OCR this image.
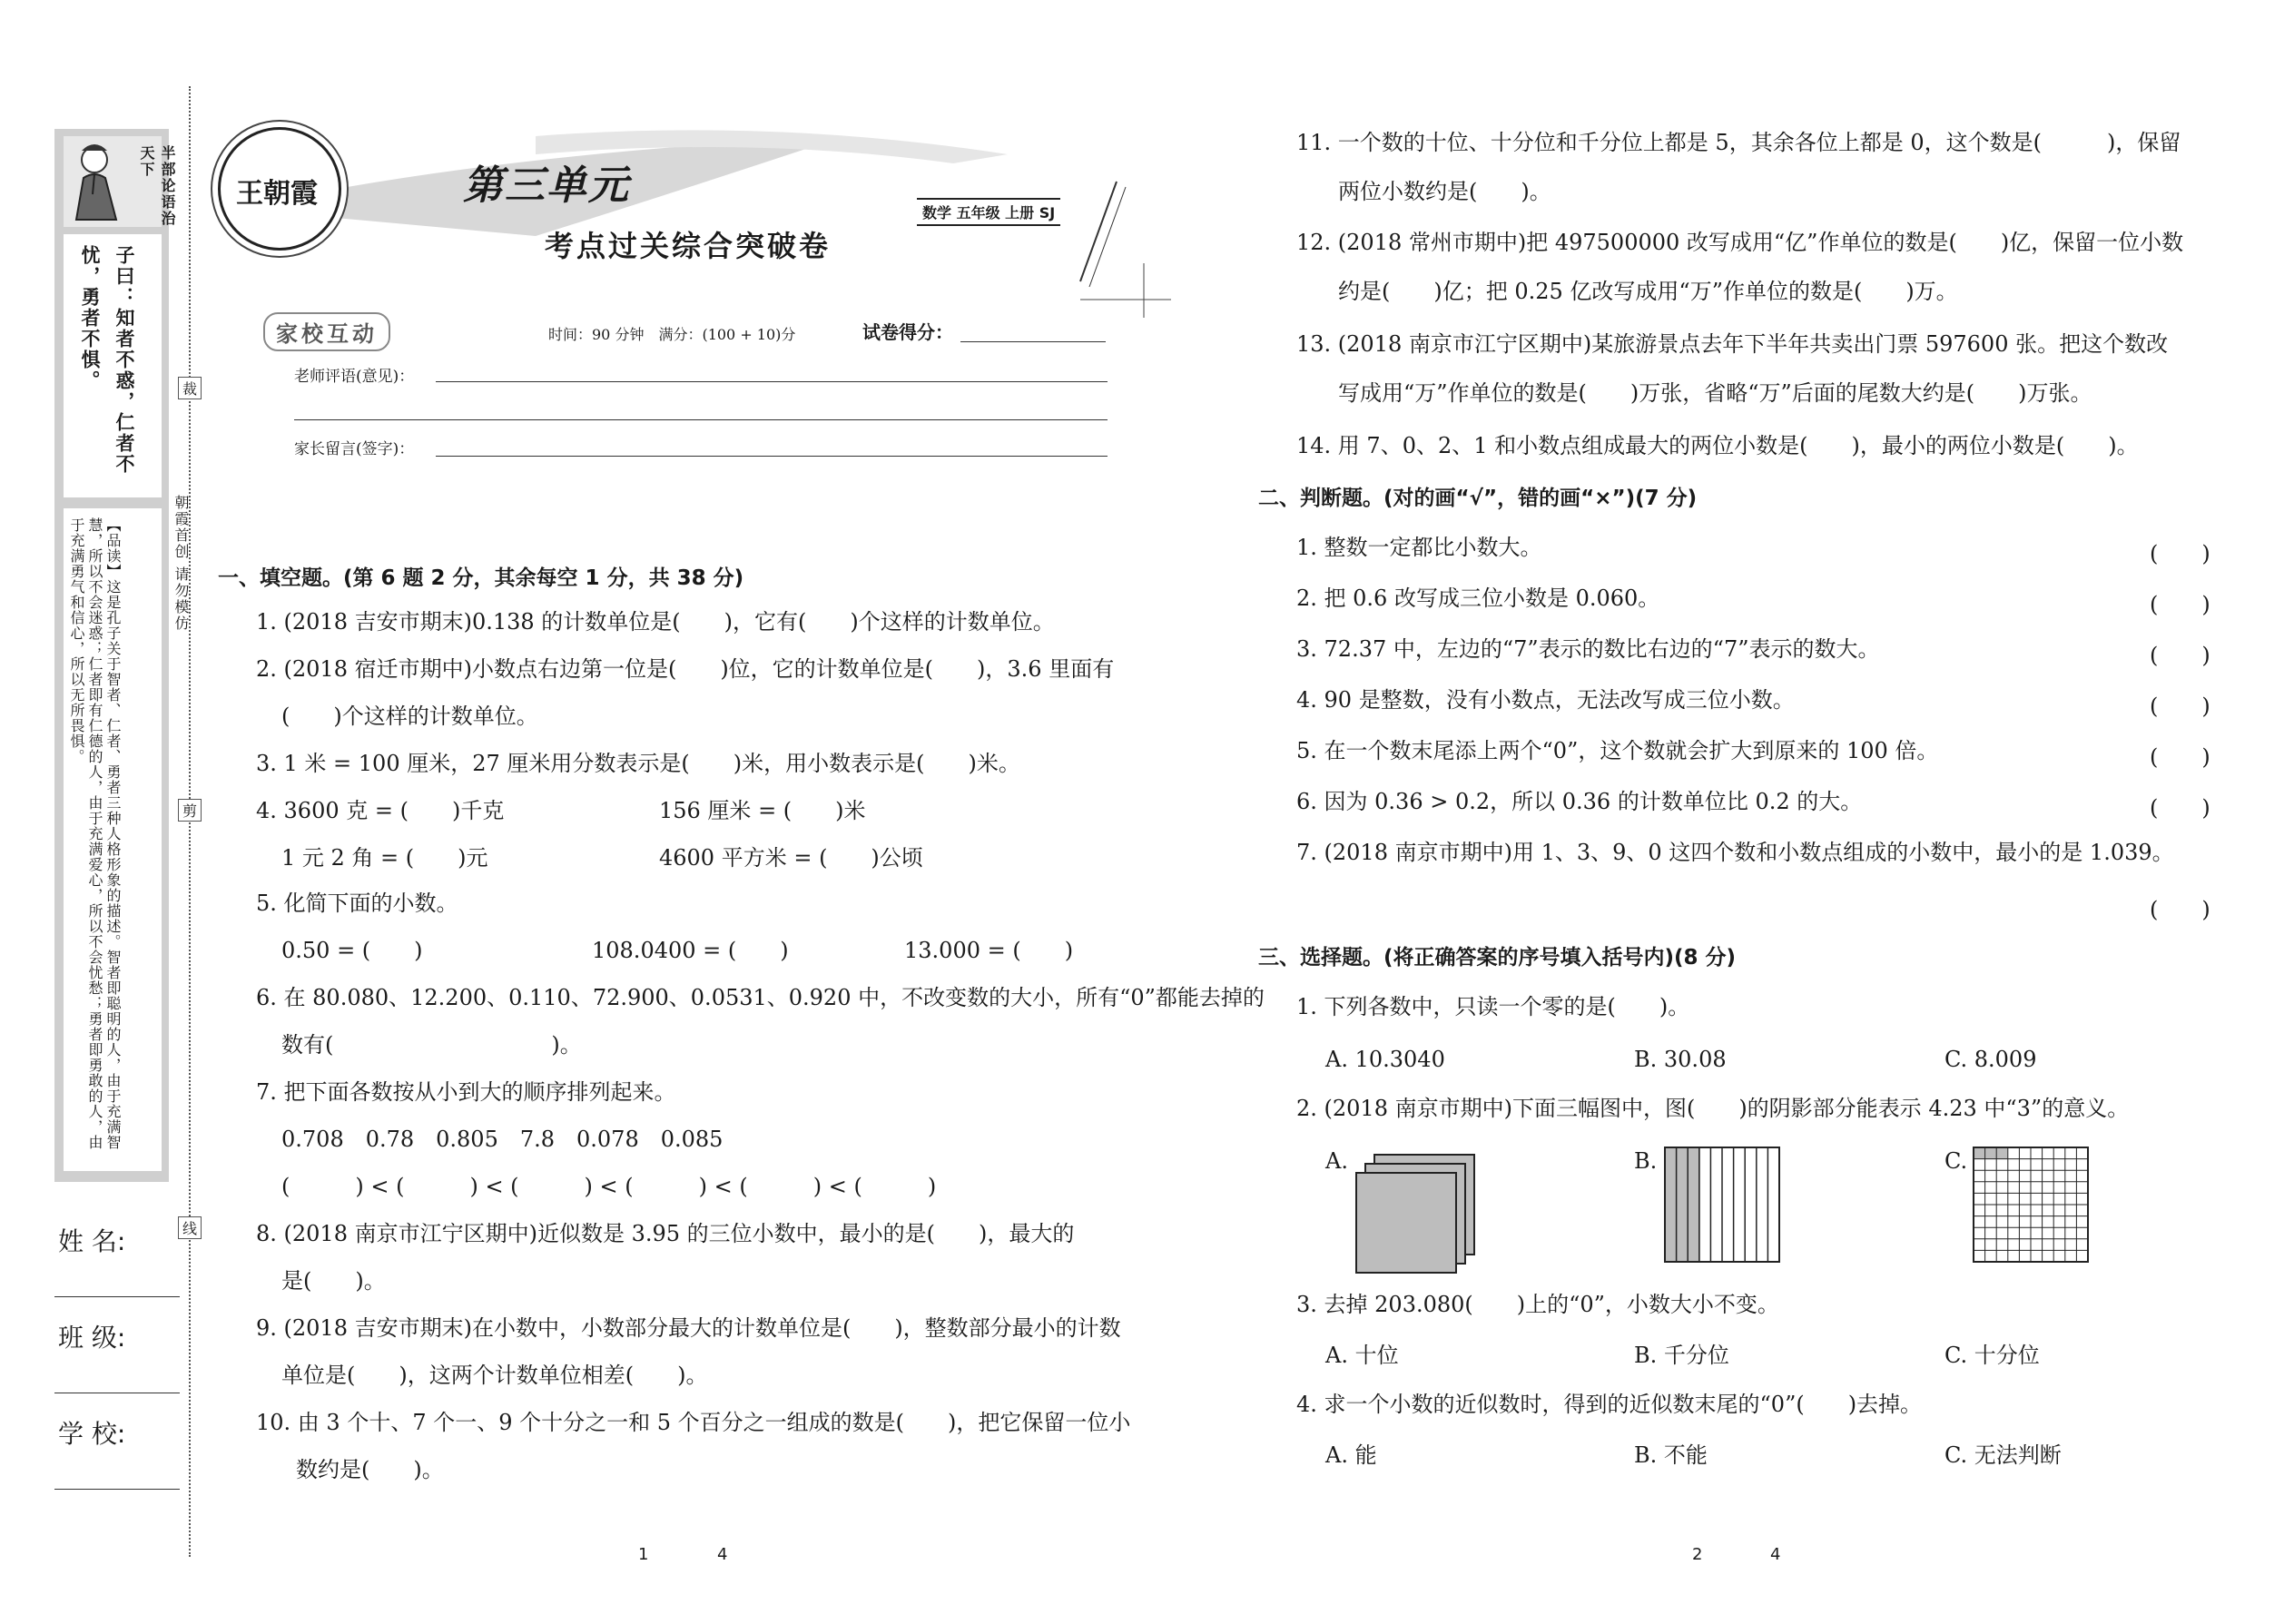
半部论语治天下
子曰：知者不惑，仁者不忧，勇者不惧。
【品读】这是孔子关于智者、仁者、勇者三种人格形象的描述。智者即聪明的人，由于充满智慧，所以不会迷惑；仁者即有仁德的人，由于充满爱心，所以不会忧愁；勇者即勇敢的人，由于充满勇气和信心，所以无所畏惧。
裁
剪
线
朝霞首创 请勿模仿
姓 名:
班 级:
学 校:
王朝霞	第三单元
考点过关综合突破卷
数学 五年级 上册 SJ
家校互动	时间：90 分钟　满分：(100 + 10)分	试卷得分：
老师评语(意见)：
家长留言(签字)：
一、填空题。(第 6 题 2 分，其余每空 1 分，共 38 分)
1. (2018 吉安市期末)0.138 的计数单位是(　　)，它有(　　)个这样的计数单位。
2. (2018 宿迁市期中)小数点右边第一位是(　　)位，它的计数单位是(　　)，3.6 里面有
(　　)个这样的计数单位。
3. 1 米 = 100 厘米，27 厘米用分数表示是(　　)米，用小数表示是(　　)米。
4. 3600 克 = (　　)千克	156 厘米 = (　　)米
1 元 2 角 = (　　)元	4600 平方米 = (　　)公顷
5. 化简下面的小数。
0.50 = (　　)	108.0400 = (　　)	13.000 = (　　)
6. 在 80.080、12.200、0.110、72.900、0.0531、0.920 中，不改变数的大小，所有“0”都能去掉的
数有(　　　　　　　　　　)。
7. 把下面各数按从小到大的顺序排列起来。
0.708　0.78　0.805　7.8　0.078　0.085
(　　　) < (　　　) < (　　　) < (　　　) < (　　　) < (　　　)
8. (2018 南京市江宁区期中)近似数是 3.95 的三位小数中，最小的是(　　)，最大的
是(　　)。
9. (2018 吉安市期末)在小数中，小数部分最大的计数单位是(　　)，整数部分最小的计数
单位是(　　)，这两个计数单位相差(　　)。
10. 由 3 个十、7 个一、9 个十分之一和 5 个百分之一组成的数是(　　)，把它保留一位小
数约是(　　)。
1	4
11. 一个数的十位、十分位和千分位上都是 5，其余各位上都是 0，这个数是(　　　)，保留
两位小数约是(　　)。
12. (2018 常州市期中)把 497500000 改写成用“亿”作单位的数是(　　)亿，保留一位小数
约是(　　)亿；把 0.25 亿改写成用“万”作单位的数是(　　)万。
13. (2018 南京市江宁区期中)某旅游景点去年下半年共卖出门票 597600 张。把这个数改
写成用“万”作单位的数是(　　)万张，省略“万”后面的尾数大约是(　　)万张。
14. 用 7、0、2、1 和小数点组成最大的两位小数是(　　)，最小的两位小数是(　　)。
二、判断题。(对的画“√”，错的画“×”)(7 分)
1. 整数一定都比小数大。	(　　)
2. 把 0.6 改写成三位小数是 0.060。	(　　)
3. 72.37 中，左边的“7”表示的数比右边的“7”表示的数大。	(　　)
4. 90 是整数，没有小数点，无法改写成三位小数。	(　　)
5. 在一个数末尾添上两个“0”，这个数就会扩大到原来的 100 倍。	(　　)
6. 因为 0.36 > 0.2，所以 0.36 的计数单位比 0.2 的大。	(　　)
7. (2018 南京市期中)用 1、3、9、0 这四个数和小数点组成的小数中，最小的是 1.039。
(　　)
三、选择题。(将正确答案的序号填入括号内)(8 分)
1. 下列各数中，只读一个零的是(　　)。
A. 10.3040	B. 30.08	C. 8.009
2. (2018 南京市期中)下面三幅图中，图(　　)的阴影部分能表示 4.23 中“3”的意义。
A.	B.	C.
3. 去掉 203.080(　　)上的“0”，小数大小不变。
A. 十位	B. 千分位	C. 十分位
4. 求一个小数的近似数时，得到的近似数末尾的“0”(　　)去掉。
A. 能	B. 不能	C. 无法判断
2	4
